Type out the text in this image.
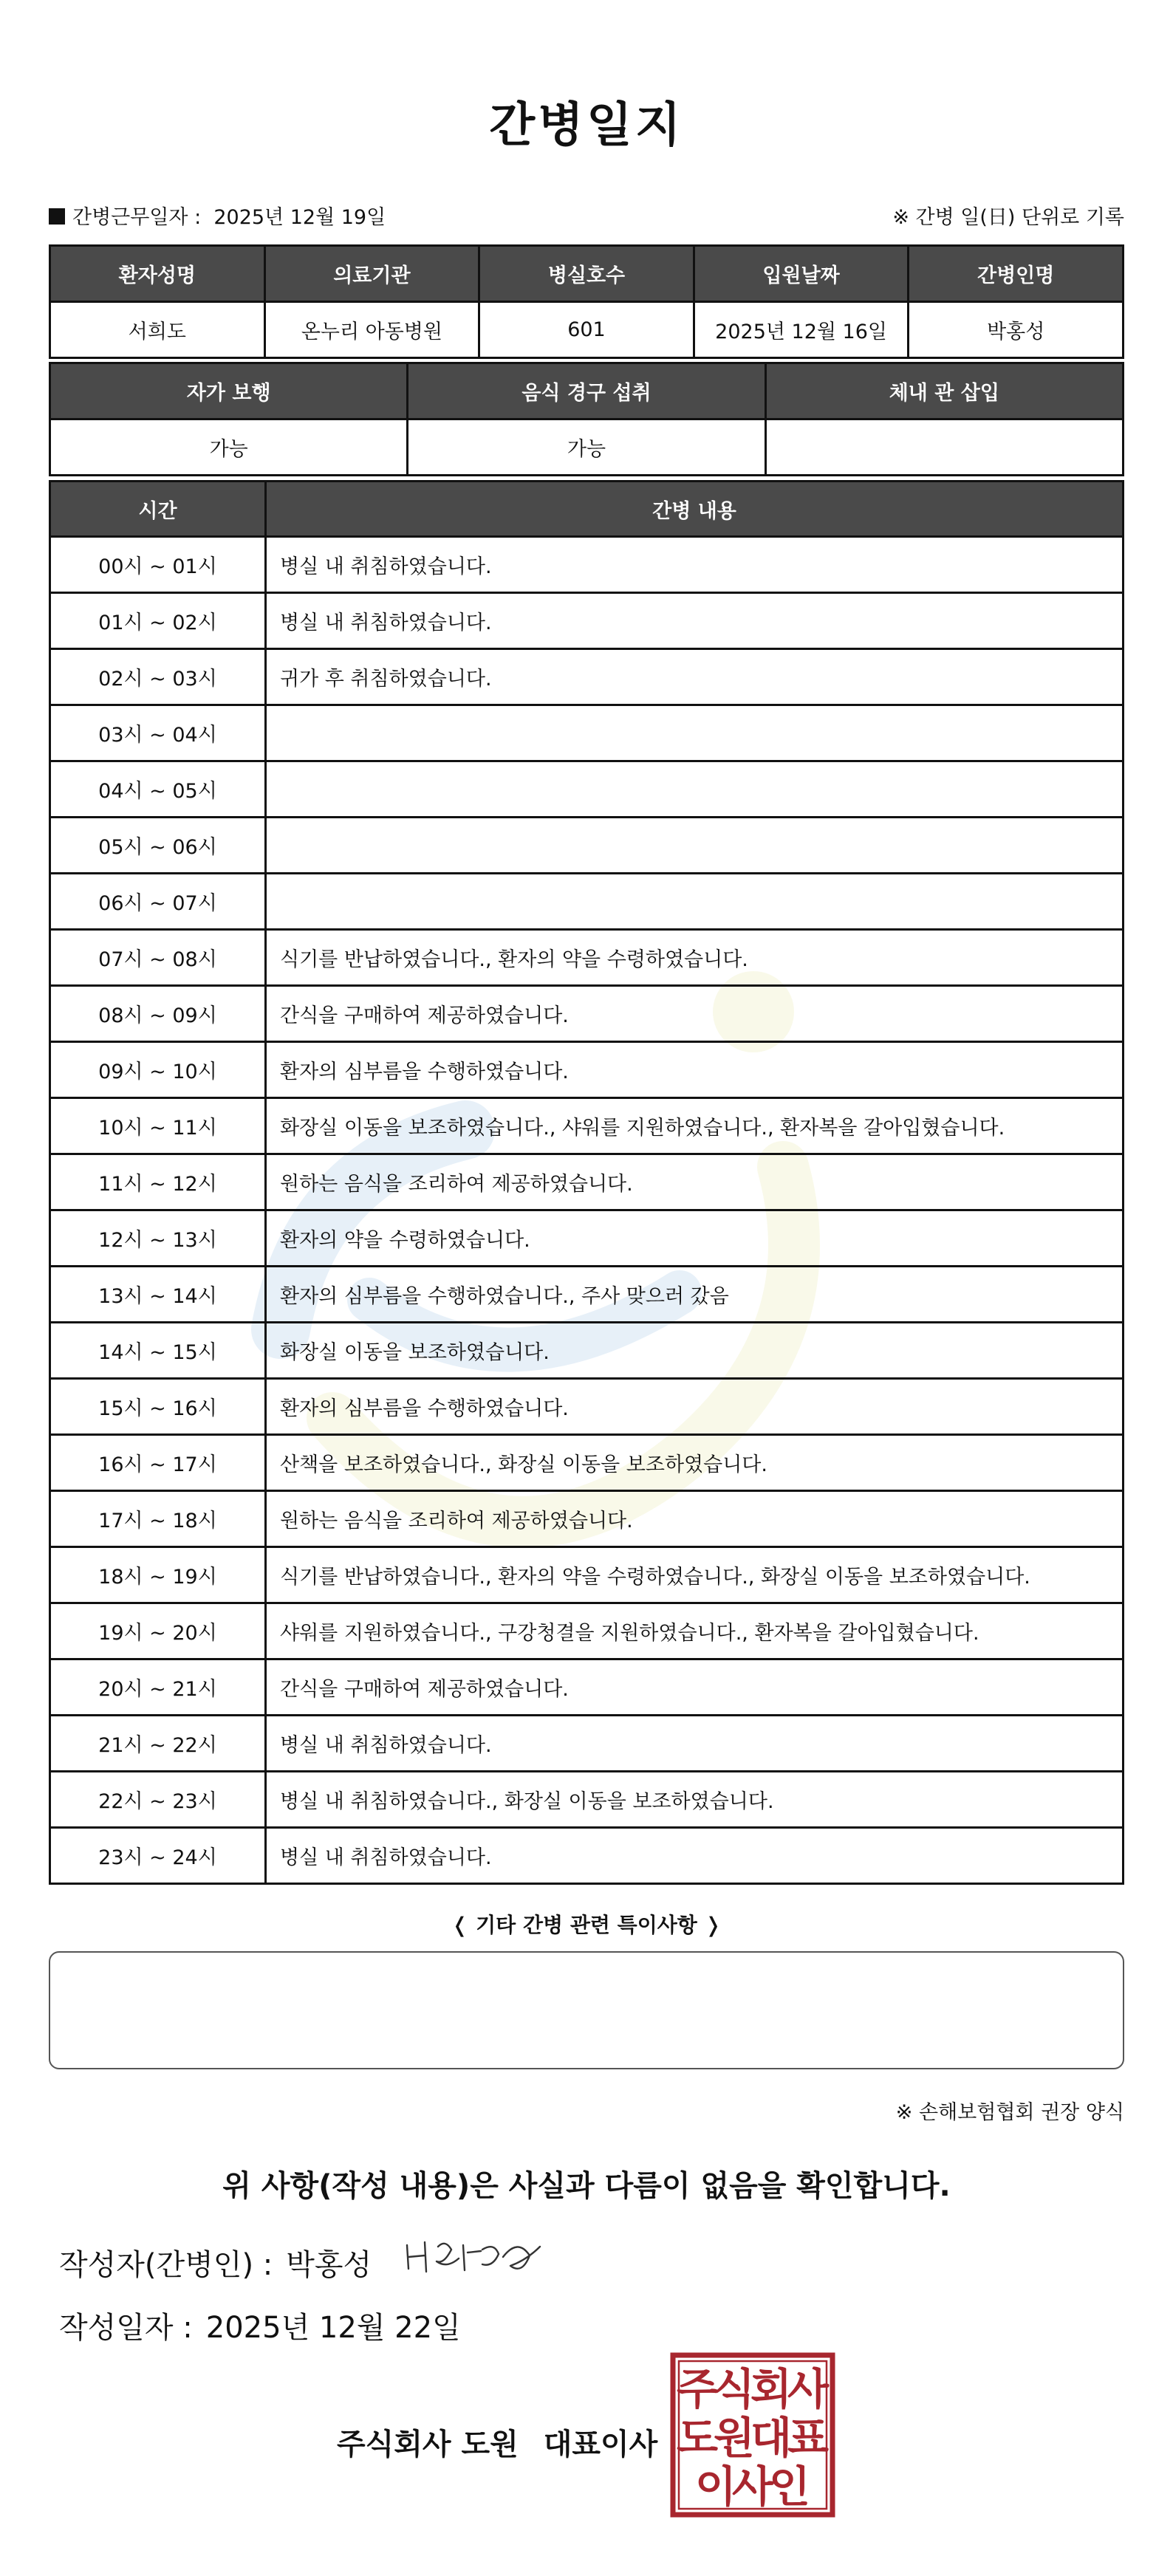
간병일지
간병근무일자 : 2025년 12월 19일	※ 간병 일(日) 단위로 기록
환자성명	의료기관	병실호수	입원날짜	간병인명
서희도	온누리 아동병원	601	2025년 12월 16일	박홍성
자가 보행	음식 경구 섭취	체내 관 삽입
가능	가능	
시간	간병 내용
00시 ~ 01시	병실 내 취침하였습니다.
01시 ~ 02시	병실 내 취침하였습니다.
02시 ~ 03시	귀가 후 취침하였습니다.
03시 ~ 04시	
04시 ~ 05시	
05시 ~ 06시	
06시 ~ 07시	
07시 ~ 08시	식기를 반납하였습니다., 환자의 약을 수령하였습니다.
08시 ~ 09시	간식을 구매하여 제공하였습니다.
09시 ~ 10시	환자의 심부름을 수행하였습니다.
10시 ~ 11시	화장실 이동을 보조하였습니다., 샤워를 지원하였습니다., 환자복을 갈아입혔습니다.
11시 ~ 12시	원하는 음식을 조리하여 제공하였습니다.
12시 ~ 13시	환자의 약을 수령하였습니다.
13시 ~ 14시	환자의 심부름을 수행하였습니다., 주사 맞으러 갔음
14시 ~ 15시	화장실 이동을 보조하였습니다.
15시 ~ 16시	환자의 심부름을 수행하였습니다.
16시 ~ 17시	산책을 보조하였습니다., 화장실 이동을 보조하였습니다.
17시 ~ 18시	원하는 음식을 조리하여 제공하였습니다.
18시 ~ 19시	식기를 반납하였습니다., 환자의 약을 수령하였습니다., 화장실 이동을 보조하였습니다.
19시 ~ 20시	샤워를 지원하였습니다., 구강청결을 지원하였습니다., 환자복을 갈아입혔습니다.
20시 ~ 21시	간식을 구매하여 제공하였습니다.
21시 ~ 22시	병실 내 취침하였습니다.
22시 ~ 23시	병실 내 취침하였습니다., 화장실 이동을 보조하였습니다.
23시 ~ 24시	병실 내 취침하였습니다.
❬ 기타 간병 관련 특이사항 ❭
※ 손해보험협회 권장 양식
위 사항(작성 내용)은 사실과 다름이 없음을 확인합니다.
작성자(간병인) : 박홍성
작성일자 : 2025년 12월 22일
주식회사 도원 대표이사
주
식
회
사
도
원
대
표
이
사
인
